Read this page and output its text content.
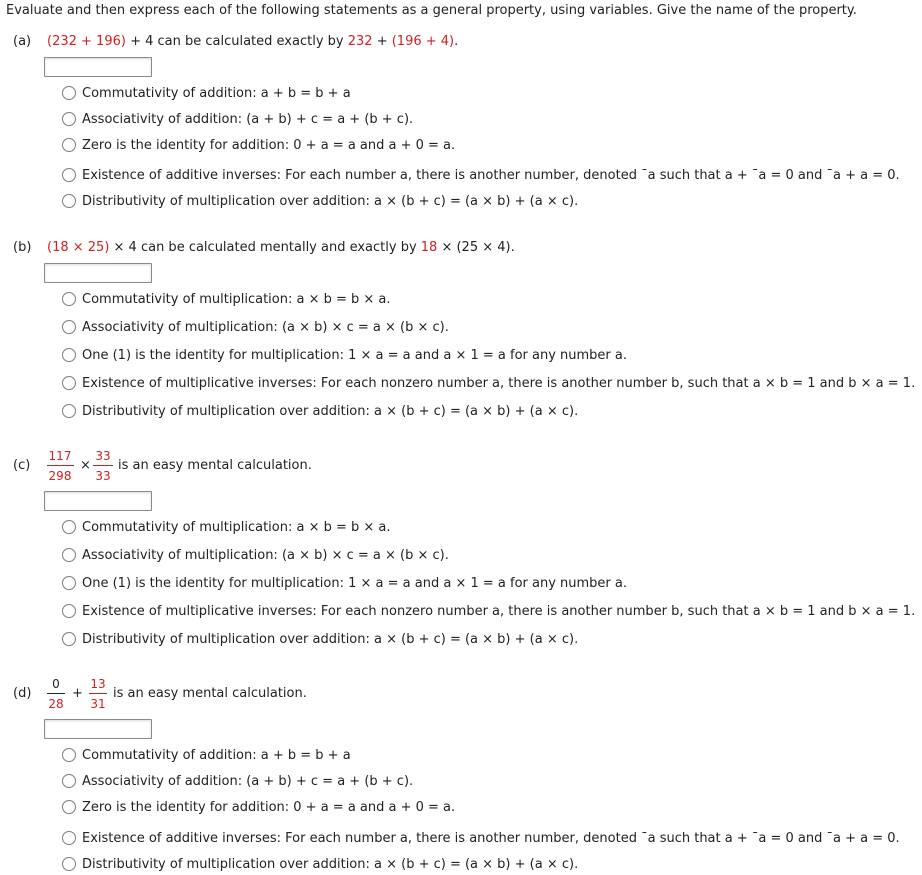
Evaluate and then express each of the following statements as a general property, using variables. Give the name of the property.
(a) (232 + 196) + 4 can be calculated exactly by 232 + (196 + 4).
Commutativity of addition: a + b = b + a
Associativity of addition: (a + b) + c = a + (b + c).
Zero is the identity for addition: 0 + a = a and a + 0 = a.
Existence of additive inverses: For each number a, there is another number, denoted ¯a such that a + ¯a = 0 and ¯a + a = 0.
Distributivity of multiplication over addition: a × (b + c) = (a × b) + (a × c).
(b) (18 × 25) × 4 can be calculated mentally and exactly by 18 × (25 × 4).
Commutativity of multiplication: a × b = b × a.
Associativity of multiplication: (a × b) × c = a × (b × c).
One (1) is the identity for multiplication: 1 × a = a and a × 1 = a for any number a.
Existence of multiplicative inverses: For each nonzero number a, there is another number b, such that a × b = 1 and b × a = 1.
Distributivity of multiplication over addition: a × (b + c) = (a × b) + (a × c).
(c)
117
298
×
33
33
is an easy mental calculation.
Commutativity of multiplication: a × b = b × a.
Associativity of multiplication: (a × b) × c = a × (b × c).
One (1) is the identity for multiplication: 1 × a = a and a × 1 = a for any number a.
Existence of multiplicative inverses: For each nonzero number a, there is another number b, such that a × b = 1 and b × a = 1.
Distributivity of multiplication over addition: a × (b + c) = (a × b) + (a × c).
(d)
0
28
+
13
31
is an easy mental calculation.
Commutativity of addition: a + b = b + a
Associativity of addition: (a + b) + c = a + (b + c).
Zero is the identity for addition: 0 + a = a and a + 0 = a.
Existence of additive inverses: For each number a, there is another number, denoted ¯a such that a + ¯a = 0 and ¯a + a = 0.
Distributivity of multiplication over addition: a × (b + c) = (a × b) + (a × c).
